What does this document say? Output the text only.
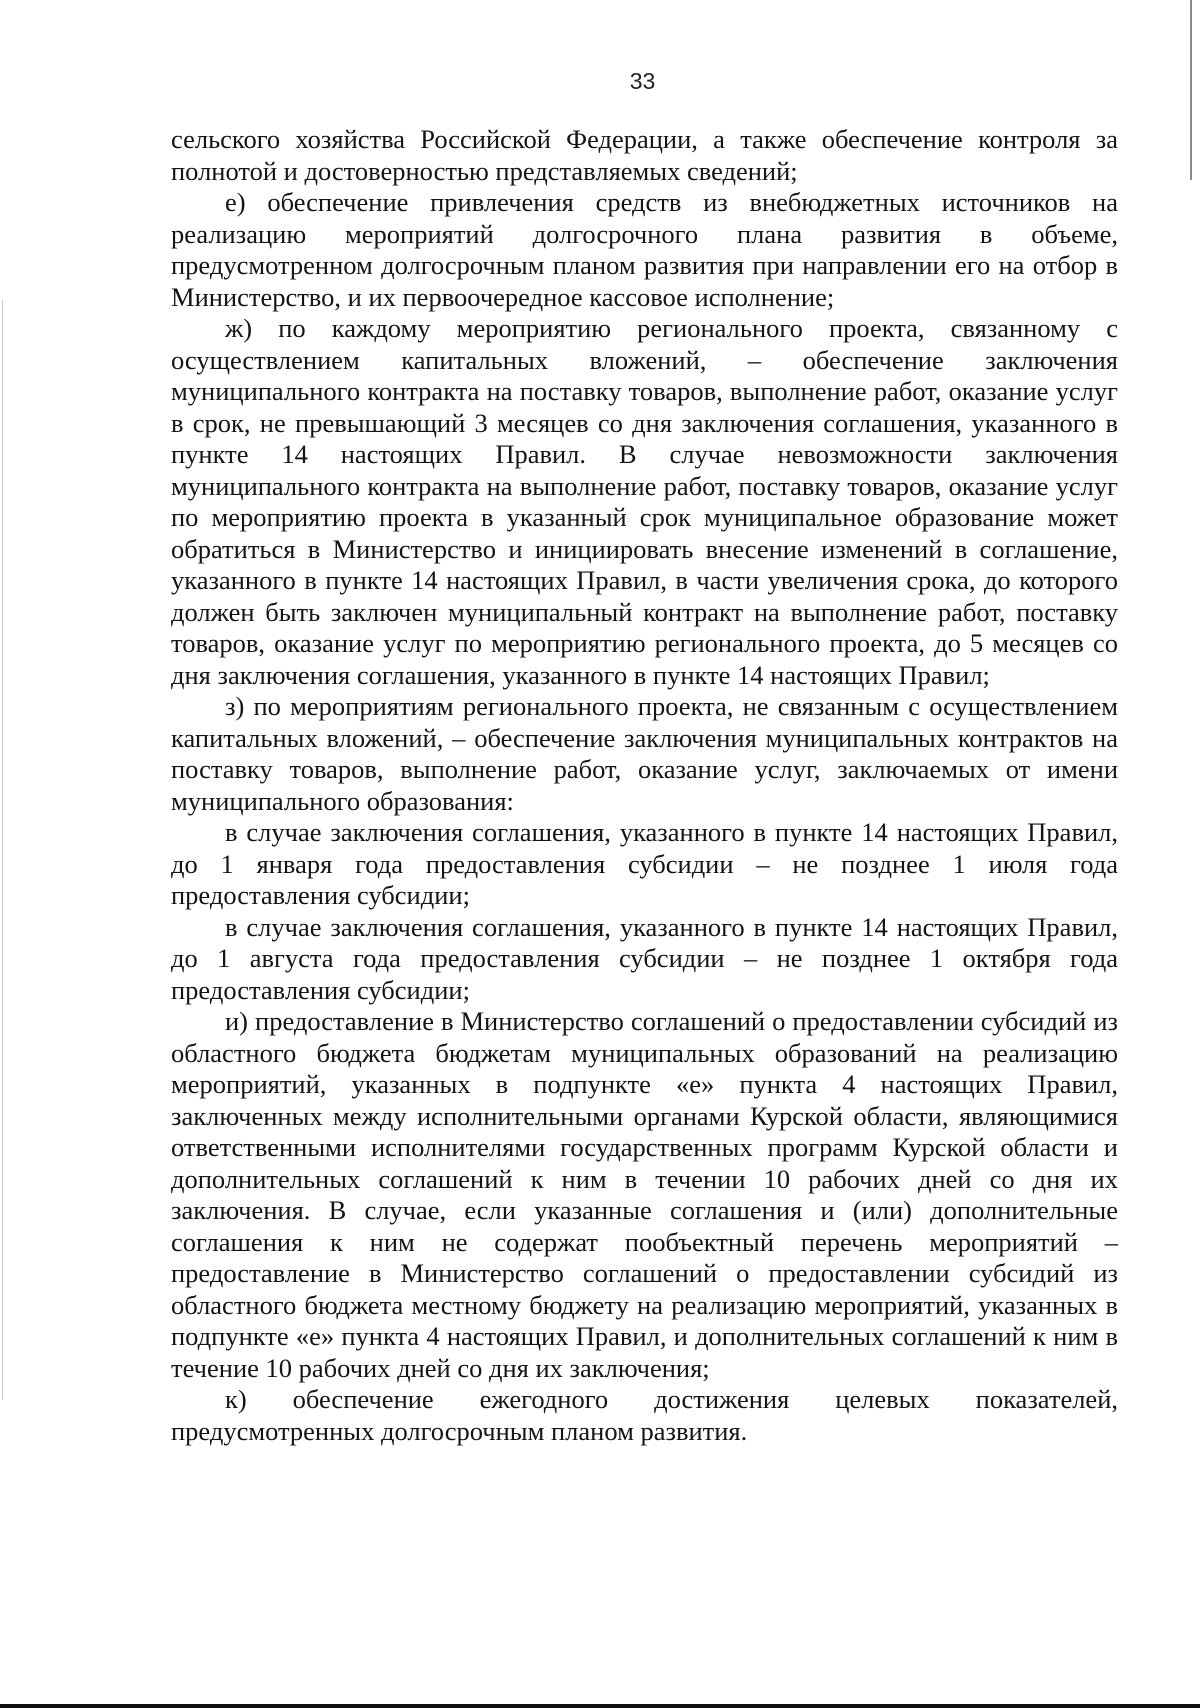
33

сельского хозяйства Российской Федерации, а также обеспечение контроля за полнотой и достоверностью представляемых сведений;

е) обеспечение привлечения средств из внебюджетных источников на реализацию мероприятий долгосрочного плана развития в объеме, предусмотренном долгосрочным планом развития при направлении его на отбор в Министерство, и их первоочередное кассовое исполнение;

ж) по каждому мероприятию регионального проекта, связанному с осуществлением капитальных вложений, – обеспечение заключения муниципального контракта на поставку товаров, выполнение работ, оказание услуг в срок, не превышающий 3 месяцев со дня заключения соглашения, указанного в пункте 14 настоящих Правил. В случае невозможности заключения муниципального контракта на выполнение работ, поставку товаров, оказание услуг по мероприятию проекта в указанный срок муниципальное образование может обратиться в Министерство и инициировать внесение изменений в соглашение, указанного в пункте 14 настоящих Правил, в части увеличения срока, до которого должен быть заключен муниципальный контракт на выполнение работ, поставку товаров, оказание услуг по мероприятию регионального проекта, до 5 месяцев со дня заключения соглашения, указанного в пункте 14 настоящих Правил;

з) по мероприятиям регионального проекта, не связанным с осуществлением капитальных вложений, – обеспечение заключения муниципальных контрактов на поставку товаров, выполнение работ, оказание услуг, заключаемых от имени муниципального образования:

в случае заключения соглашения, указанного в пункте 14 настоящих Правил, до 1 января года предоставления субсидии – не позднее 1 июля года предоставления субсидии;

в случае заключения соглашения, указанного в пункте 14 настоящих Правил, до 1 августа года предоставления субсидии – не позднее 1 октября года предоставления субсидии;

и) предоставление в Министерство соглашений о предоставлении субсидий из областного бюджета бюджетам муниципальных образований на реализацию мероприятий, указанных в подпункте «е» пункта 4 настоящих Правил, заключенных между исполнительными органами Курской области, являющимися ответственными исполнителями государственных программ Курской области и дополнительных соглашений к ним в течении 10 рабочих дней со дня их заключения. В случае, если указанные соглашения и (или) дополнительные соглашения к ним не содержат пообъектный перечень мероприятий – предоставление в Министерство соглашений о предоставлении субсидий из областного бюджета местному бюджету на реализацию мероприятий, указанных в подпункте «е» пункта 4 настоящих Правил, и дополнительных соглашений к ним в течение 10 рабочих дней со дня их заключения;

к) обеспечение ежегодного достижения целевых показателей, предусмотренных долгосрочным планом развития.
